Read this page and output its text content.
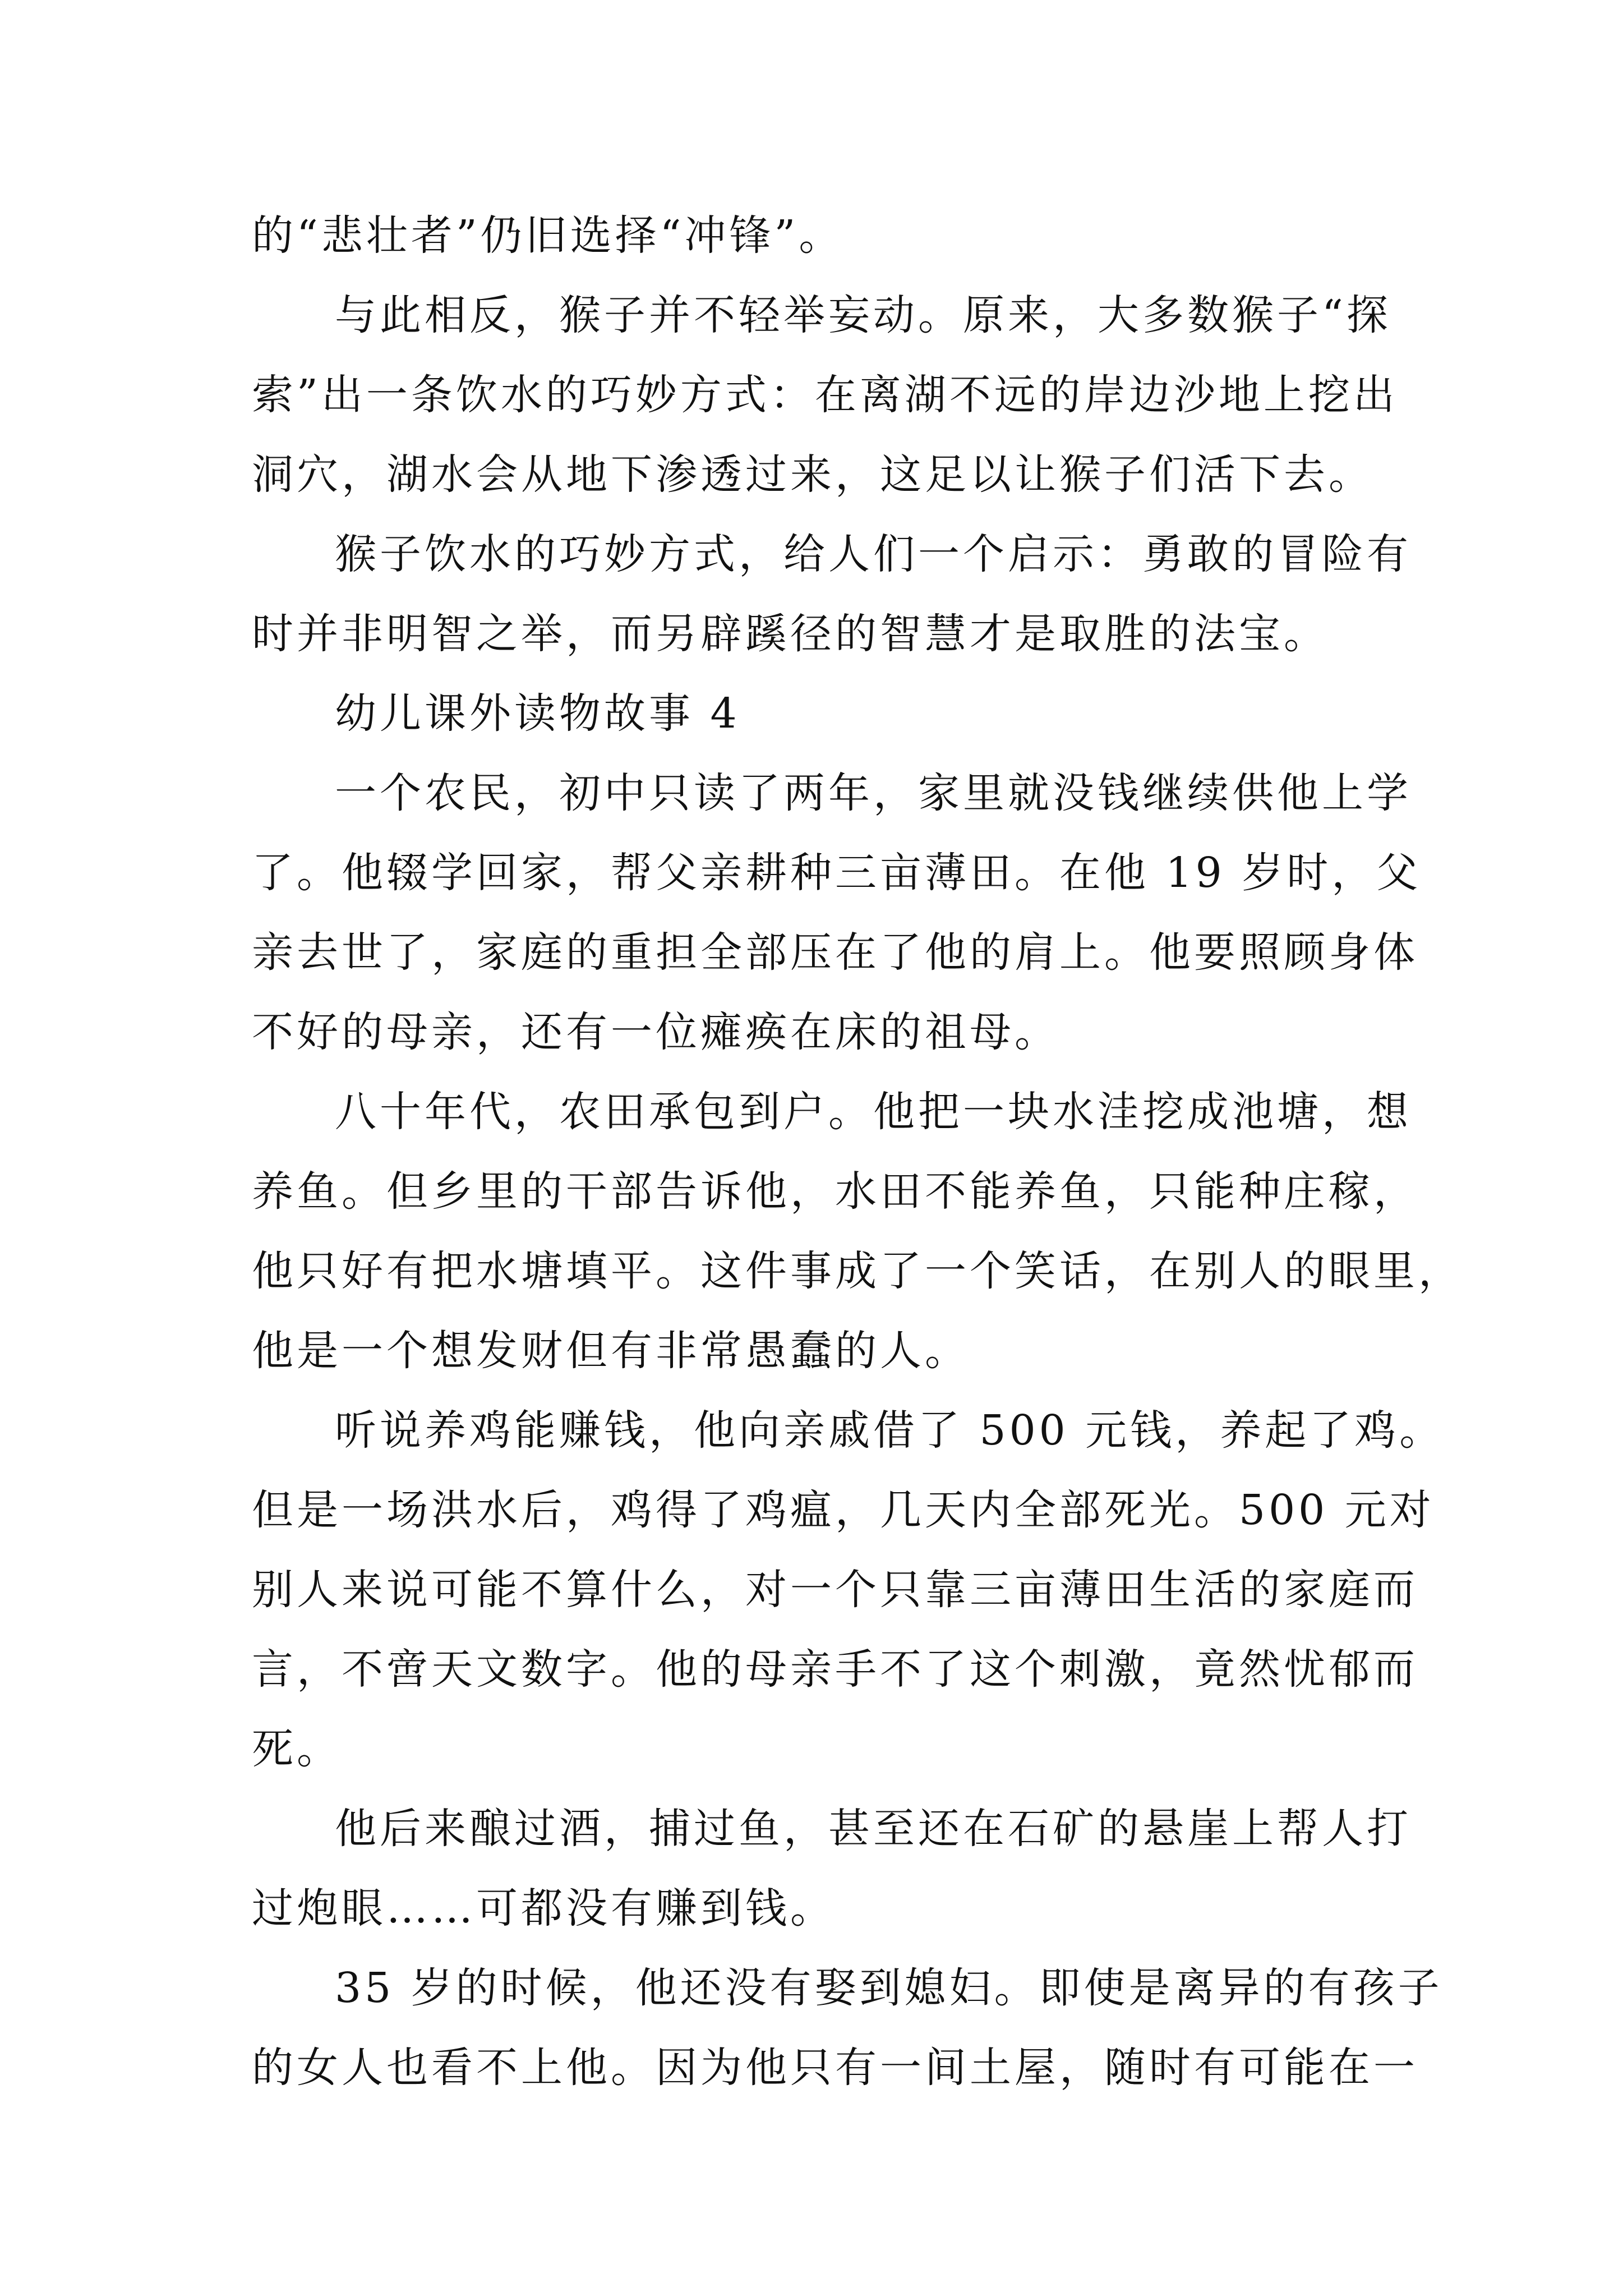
的“悲壮者”仍旧选择“冲锋”。
与此相反，猴子并不轻举妄动。原来，大多数猴子“探
索”出一条饮水的巧妙方式：在离湖不远的岸边沙地上挖出
洞穴，湖水会从地下渗透过来，这足以让猴子们活下去。
猴子饮水的巧妙方式，给人们一个启示：勇敢的冒险有
时并非明智之举，而另辟蹊径的智慧才是取胜的法宝。
幼儿课外读物故事 4
一个农民，初中只读了两年，家里就没钱继续供他上学
了。他辍学回家，帮父亲耕种三亩薄田。在他 19 岁时，父
亲去世了，家庭的重担全部压在了他的肩上。他要照顾身体
不好的母亲，还有一位瘫痪在床的祖母。
八十年代，农田承包到户。他把一块水洼挖成池塘，想
养鱼。但乡里的干部告诉他，水田不能养鱼，只能种庄稼，
他只好有把水塘填平。这件事成了一个笑话，在别人的眼里，
他是一个想发财但有非常愚蠢的人。
听说养鸡能赚钱，他向亲戚借了 500 元钱，养起了鸡。
但是一场洪水后，鸡得了鸡瘟，几天内全部死光。500 元对
别人来说可能不算什么，对一个只靠三亩薄田生活的家庭而
言，不啻天文数字。他的母亲手不了这个刺激，竟然忧郁而
死。
他后来酿过酒，捕过鱼，甚至还在石矿的悬崖上帮人打
过炮眼……可都没有赚到钱。
35 岁的时候，他还没有娶到媳妇。即使是离异的有孩子
的女人也看不上他。因为他只有一间土屋，随时有可能在一
